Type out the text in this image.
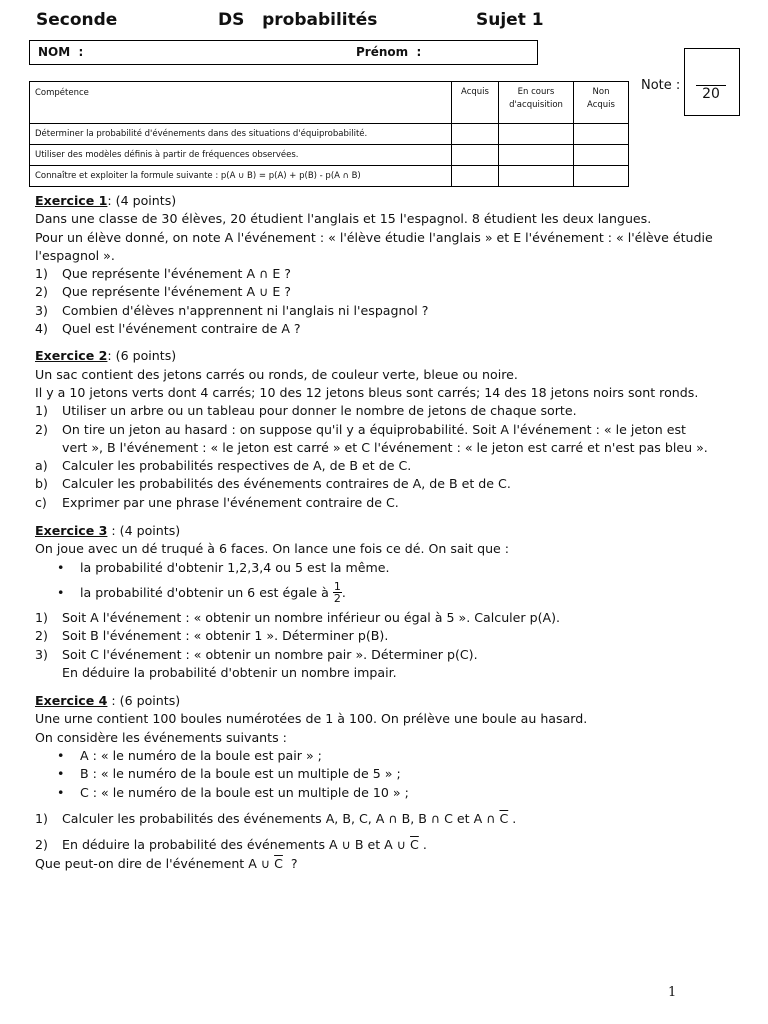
Seconde	DS   probabilités	Sujet 1
NOM  :	Prénom  :
Compétence	Acquis	En cours d'acquisition	Non Acquis
Déterminer la probabilité d'événements dans des situations d'équiprobabilité.			
Utiliser des modèles définis à partir de fréquences observées.			
Connaître et exploiter la formule suivante : p(A ∪ B) = p(A) + p(B) - p(A ∩ B)			
Note :
20

Exercice 1: (4 points)

Dans une classe de 30 élèves, 20 étudient l'anglais et 15 l'espagnol. 8 étudient les deux langues.

Pour un élève donné, on note A l'événement : « l'élève étudie l'anglais » et E l'événement : « l'élève étudie l'espagnol ».

1)	Que représente l'événement A ∩ E ?
2)	Que représente l'événement A ∪ E ?
3)	Combien d'élèves n'apprennent ni l'anglais ni l'espagnol ?
4)	Quel est l'événement contraire de A ?

Exercice 2: (6 points)

Un sac contient des jetons carrés ou ronds, de couleur verte, bleue ou noire.

Il y a 10 jetons verts dont 4 carrés; 10 des 12 jetons bleus sont carrés; 14 des 18 jetons noirs sont ronds.

1)	Utiliser un arbre ou un tableau pour donner le nombre de jetons de chaque sorte.
2)	On tire un jeton au hasard : on suppose qu'il y a équiprobabilité. Soit A l'événement : « le jeton est vert », B l'événement : « le jeton est carré » et C l'événement : « le jeton est carré et n'est pas bleu ».
a)	Calculer les probabilités respectives de A, de B et de C.
b)	Calculer les probabilités des événements contraires de A, de B et de C.
c)	Exprimer par une phrase l'événement contraire de C.

Exercice 3 : (4 points)

On joue avec un dé truqué à 6 faces. On lance une fois ce dé. On sait que :

•	la probabilité d'obtenir 1,2,3,4 ou 5 est la même.
•	la probabilité d'obtenir un 6 est égale à
$\frac{1}{2}$ .
1)	Soit A l'événement : « obtenir un nombre inférieur ou égal à 5 ». Calculer p(A).
2)	Soit B l'événement : « obtenir 1 ». Déterminer p(B).
3)	Soit C l'événement : « obtenir un nombre pair ». Déterminer p(C).

En déduire la probabilité d'obtenir un nombre impair.

Exercice 4 : (6 points)

Une urne contient 100 boules numérotées de 1 à 100. On prélève une boule au hasard.

On considère les événements suivants :

•	A : « le numéro de la boule est pair » ;
•	B : « le numéro de la boule est un multiple de 5 » ;
•	C : « le numéro de la boule est un multiple de 10 » ;
1)	Calculer les probabilités des événements A, B, C, A ∩ B, B ∩ C et A ∩ $\overline{C}$ .
2)	En déduire la probabilité des événements A ∪ B et A ∪ $\overline{C}$ .

Que peut-on dire de l'événement A ∪ $\overline{C}$  ?

1
